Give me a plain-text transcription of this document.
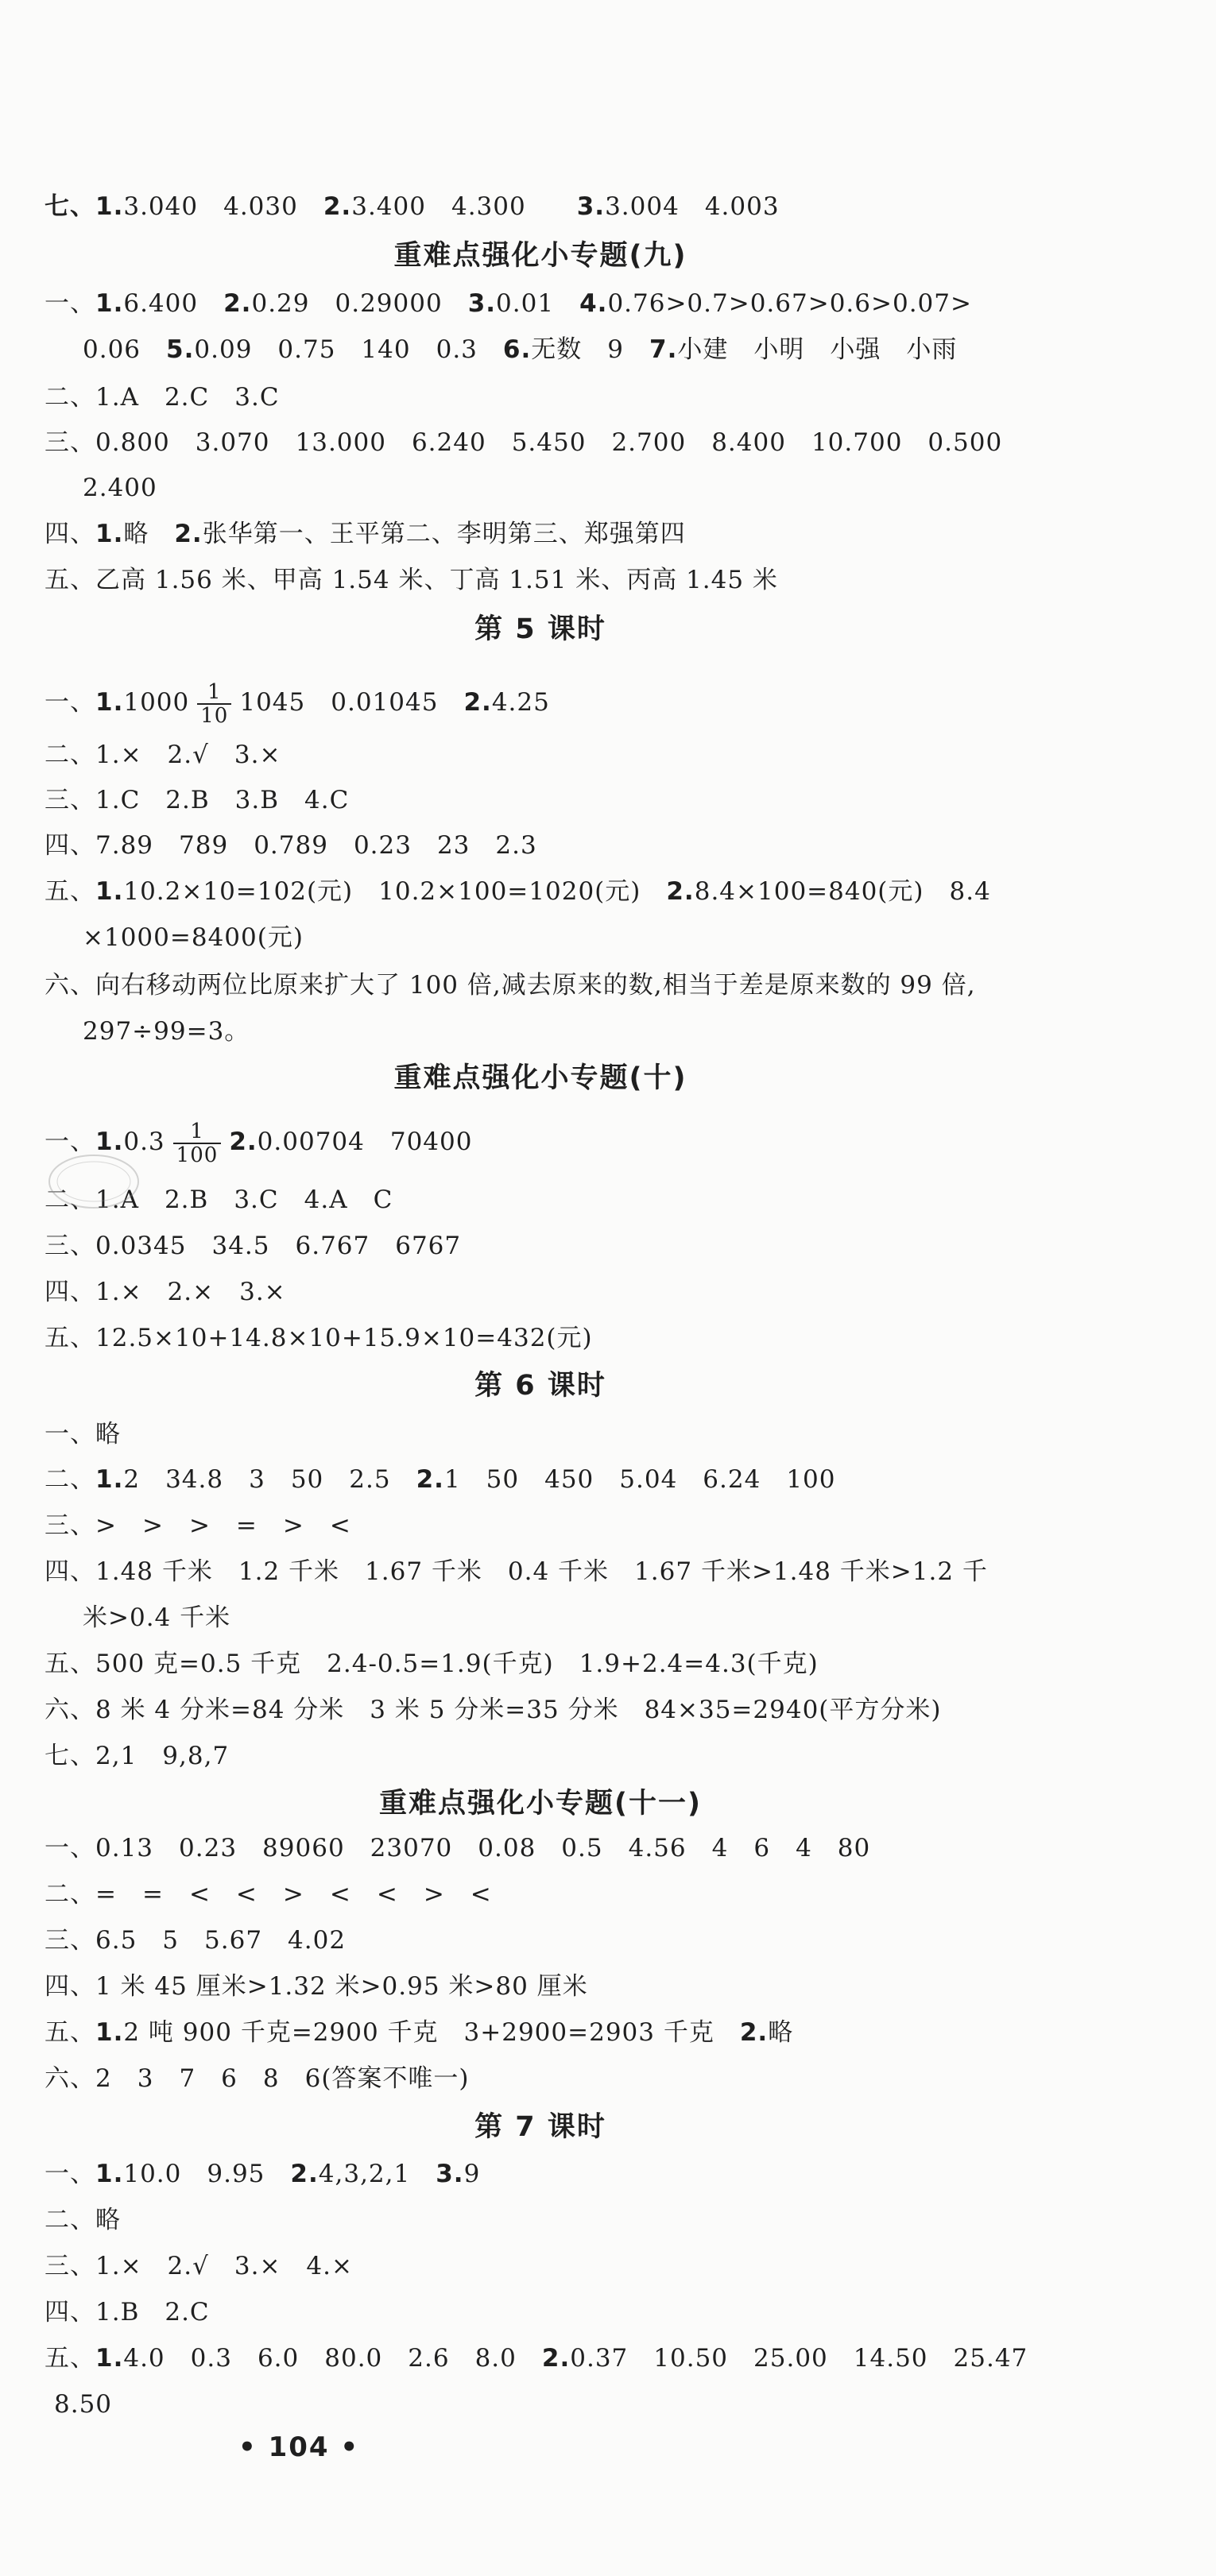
七、1.3.040　4.030　2.3.400　4.300　　3.3.004　4.003
重难点强化小专题(九)
一、1.6.400　2.0.29　0.29000　3.0.01　4.0.76>0.7>0.67>0.6>0.07>
0.06　5.0.09　0.75　140　0.3　6.无数　9　7.小建　小明　小强　小雨
二、1.A　2.C　3.C
三、0.800　3.070　13.000　6.240　5.450　2.700　8.400　10.700　0.500
2.400
四、1.略　2.张华第一、王平第二、李明第三、郑强第四
五、乙高 1.56 米、甲高 1.54 米、丁高 1.51 米、丙高 1.45 米
第 5 课时
一、$1.1000 \frac{1}{10} 1045$　0.01045　2.4.25
二、1.×　2.√　3.×
三、1.C　2.B　3.B　4.C
四、7.89　789　0.789　0.23　23　2.3
五、1.10.2×10=102(元)　10.2×100=1020(元)　2.8.4×100=840(元)　8.4
×1000=8400(元)
六、向右移动两位比原来扩大了 100 倍,减去原来的数,相当于差是原来数的 99 倍,
297÷99=3。
重难点强化小专题(十)
一、$1.0.3 \frac{1}{100} 2.0.00704$　70400
二、1.A　2.B　3.C　4.A　C
三、0.0345　34.5　6.767　6767
四、1.×　2.×　3.×
五、12.5×10+14.8×10+15.9×10=432(元)
第 6 课时
一、略
二、1.2　34.8　3　50　2.5　2.1　50　450　5.04　6.24　100
三、>　>　>　=　>　<
四、1.48 千米　1.2 千米　1.67 千米　0.4 千米　1.67 千米>1.48 千米>1.2 千
米>0.4 千米
五、500 克=0.5 千克　2.4-0.5=1.9(千克)　1.9+2.4=4.3(千克)
六、8 米 4 分米=84 分米　3 米 5 分米=35 分米　84×35=2940(平方分米)
七、2,1　9,8,7
重难点强化小专题(十一)
一、0.13　0.23　89060　23070　0.08　0.5　4.56　4　6　4　80
二、=　=　<　<　>　<　<　>　<
三、6.5　5　5.67　4.02
四、1 米 45 厘米>1.32 米>0.95 米>80 厘米
五、1.2 吨 900 千克=2900 千克　3+2900=2903 千克　2.略
六、2　3　7　6　8　6(答案不唯一)
第 7 课时
一、1.10.0　9.95　2.4,3,2,1　3.9
二、略
三、1.×　2.√　3.×　4.×
四、1.B　2.C
五、1.4.0　0.3　6.0　80.0　2.6　8.0　2.0.37　10.50　25.00　14.50　25.47
8.50
• 104 •
